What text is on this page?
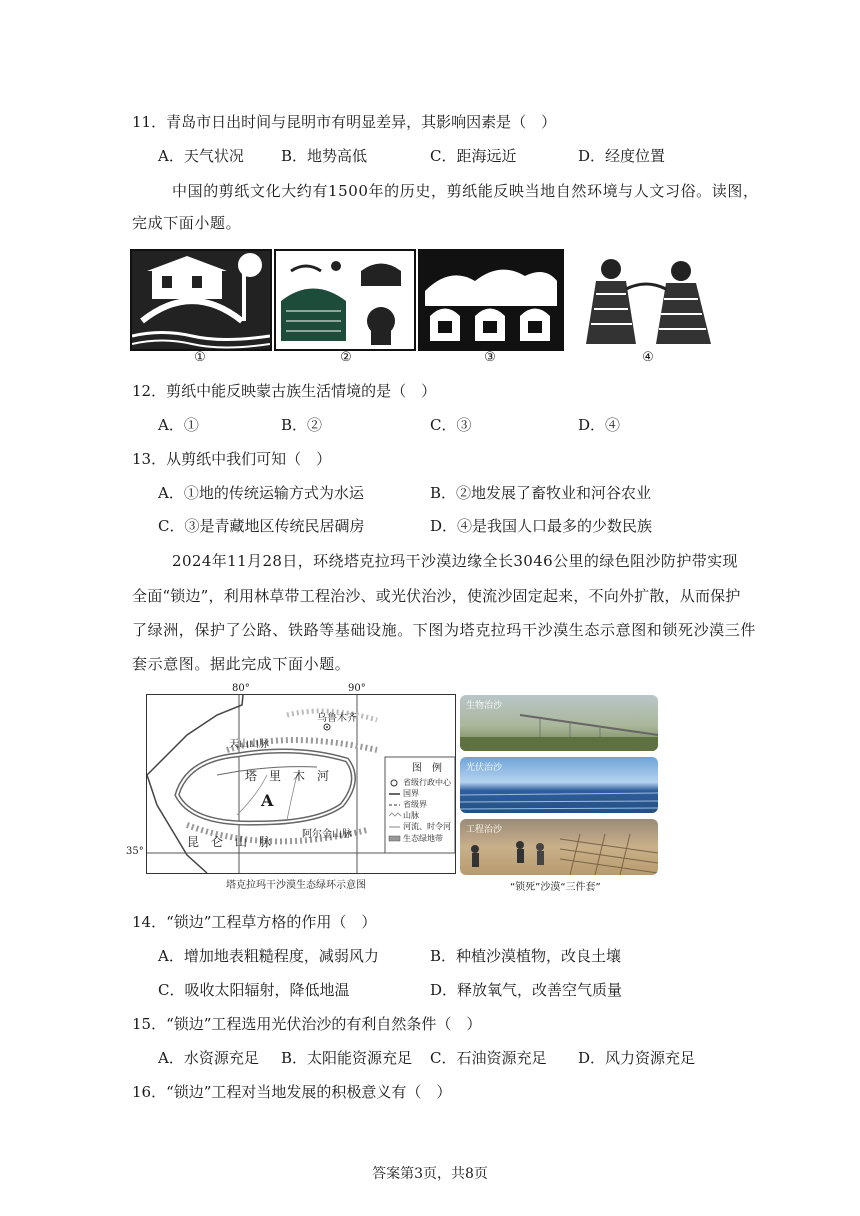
11．青岛市日出时间与昆明市有明显差异，其影响因素是（　）
A．天气状况 B．地势高低	C．距海远近	D．经度位置
中国的剪纸文化大约有1500年的历史，剪纸能反映当地自然环境与人文习俗。读图，
完成下面小题。
①	②	③	④
12．剪纸中能反映蒙古族生活情境的是（　）
A．①	B．②	C．③	D．④
13．从剪纸中我们可知（　）
A．①地的传统运输方式为水运	B．②地发展了畜牧业和河谷农业
C．③是青藏地区传统民居碉房	D．④是我国人口最多的少数民族
2024年11月28日，环绕塔克拉玛干沙漠边缘全长3046公里的绿色阻沙防护带实现
全面“锁边”，利用林草带工程治沙、或光伏治沙，使流沙固定起来，不向外扩散，从而保护
了绿洲，保护了公路、铁路等基础设施。下图为塔克拉玛干沙漠生态示意图和锁死沙漠三件
套示意图。据此完成下面小题。
乌鲁木齐
天山山脉
塔　里　木　河
A
昆　仑　山　脉
阿尔金山脉
图　例
省级行政中心
国界
省级界
山脉
河流、时令河
生态绿地带
80°	90°
35°
塔克拉玛干沙漠生态绿环示意图
生物治沙
光伏治沙
工程治沙
“锁死”沙漠“三件套”
14．“锁边”工程草方格的作用（　）
A．增加地表粗糙程度，减弱风力	B．种植沙漠植物，改良土壤
C．吸收太阳辐射，降低地温	D．释放氧气，改善空气质量
15．“锁边”工程选用光伏治沙的有利自然条件（　）
A．水资源充足 B．太阳能资源充足 C．石油资源充足 D．风力资源充足
16．“锁边”工程对当地发展的积极意义有（　）
答案第3页，共8页
